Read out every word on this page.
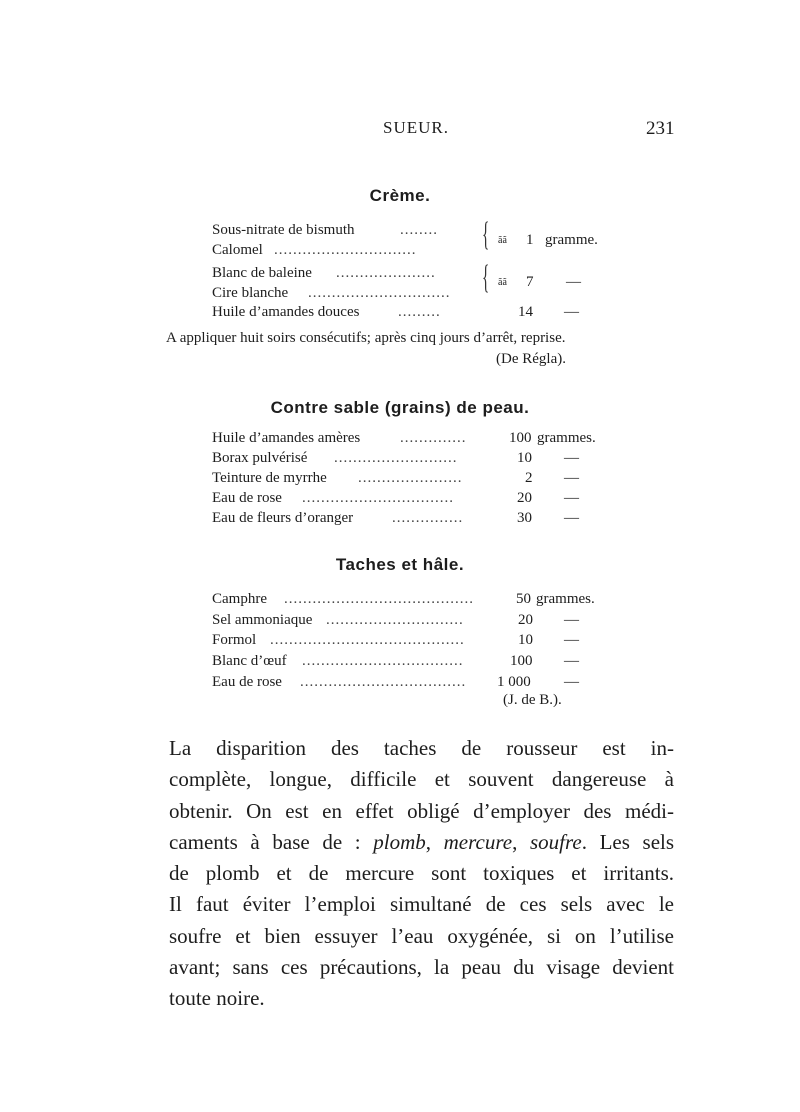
SUEUR.	231
Crème.
Sous-nitrate de bismuth	........
Calomel ..............................	{ ãã 1 gramme.
Blanc de baleine .....................
Cire blanche .............................. { ãã 7 —
Huile d’amandes douces	.........	14 —
A appliquer huit soirs consécutifs; après cinq jours d’arrêt, reprise.
(De Régla).
Contre sable (grains) de peau.
Huile d’amandes amères	..............	100 grammes.
Borax pulvérisé ..........................	10 —
Teinture de myrrhe ......................	2 —
Eau de rose ................................	20 —
Eau de fleurs d’oranger	...............	30 —
Taches et hâle.
Camphre ........................................	50 grammes.
Sel ammoniaque .............................	20 —
Formol .........................................	10 —
Blanc d’œuf ..................................	100 —
Eau de rose ...................................	1 000 —
(J. de B.).
La disparition des taches de rousseur est in-
complète, longue, difficile et souvent dangereuse à
obtenir. On est en effet obligé d’employer des médi-
caments à base de : plomb, mercure, soufre. Les sels
de plomb et de mercure sont toxiques et irritants.
Il faut éviter l’emploi simultané de ces sels avec le
soufre et bien essuyer l’eau oxygénée, si on l’utilise
avant; sans ces précautions, la peau du visage devient
toute noire.
